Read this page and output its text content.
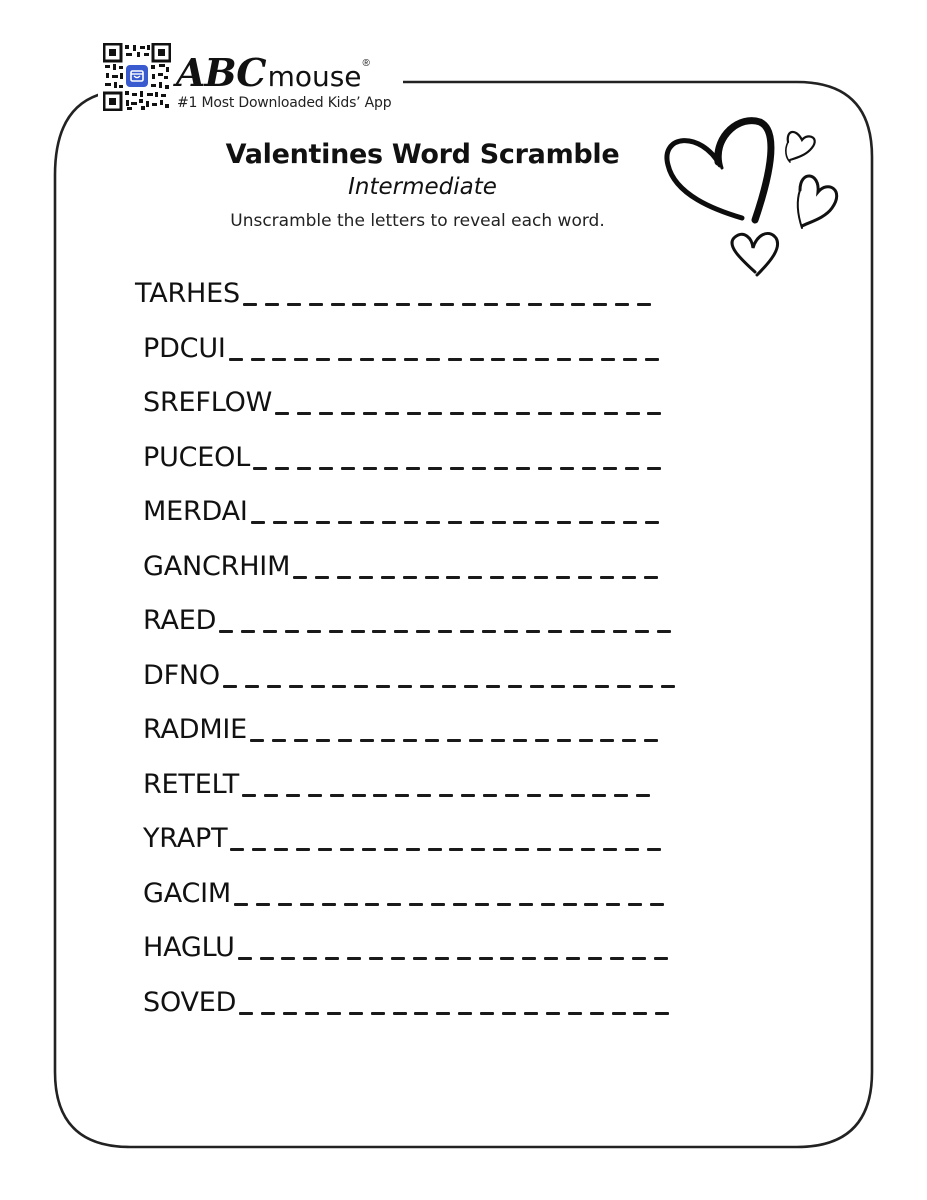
ABCmouse®
#1 Most Downloaded Kids’ App
Valentines Word Scramble
Intermediate
Unscramble the letters to reveal each word.
TARHES
PDCUI
SREFLOW
PUCEOL
MERDAI
GANCRHIM
RAED
DFNO
RADMIE
RETELT
YRAPT
GACIM
HAGLU
SOVED
